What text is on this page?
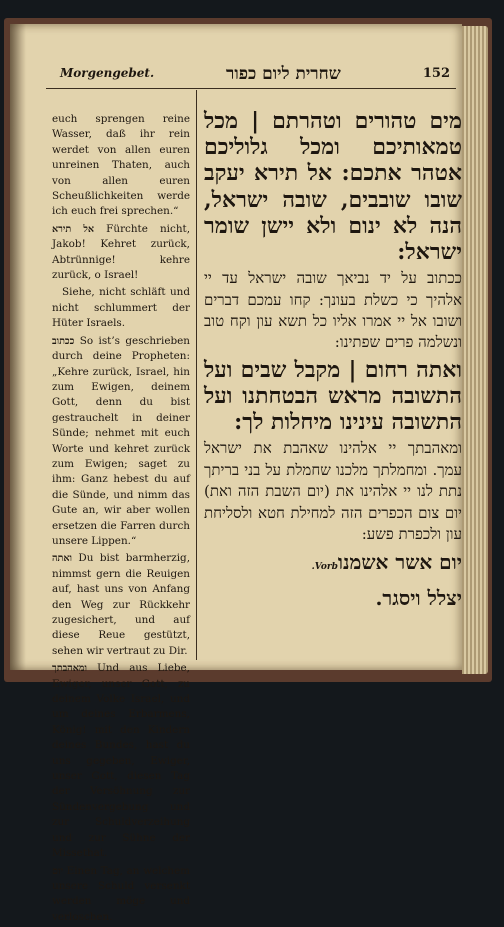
Morgengebet.	שחרית ליום כפור	152

euch sprengen reine Wasser, daß ihr rein werdet von allen euren unreinen Thaten, auch von allen euren Scheußlichkeiten werde ich euch frei sprechen.“

אל תירא Fürchte nicht, Jakob! Kehret zurück, Abtrünnige! kehre zurück, o Israel!

Siehe, nicht schläft und nicht schlummert der Hüter Israels.

ככתוב So ist’s geschrieben durch deine Propheten: „Kehre zurück, Israel, hin zum Ewigen, deinem Gott, denn du bist gestrauchelt in deiner Sünde; nehmet mit euch Worte und kehret zurück zum Ewigen; saget zu ihm: Ganz hebest du auf die Sünde, und nimm das Gute an, wir aber wollen ersetzen die Farren durch unsere Lippen.“

ואתה Du bist barmherzig, nimmst gern die Reuigen auf, hast uns von Anfang den Weg zur Rückkehr zugesichert, und auf diese Reue gestützt, sehen wir vertraut zu Dir.

ומאהבתך Und aus Liebe, Ewiger, unser Gott, zu deinem Volke Israel, und um deines Erbarmens, König! mit den Kindern deines Bundes, hast du uns gegeben, Ewiger, unser Gott, diesen Tag der Versöhnung zur Sündenvergebung und zur Schuldverzeihung und zur Sühne der Missethat.

יום Einen Tag, an welchem unsere Schuld versenkt werden möge und verloschen.

מים טהורים וטהרתם | מכל טמאותיכם ומכל גלוליכם אטהר אתכם: אל תירא יעקב שובו שובבים, שובה ישראל, הנה לא ינום ולא יישן שומר ישראל:

ככתוב על יד נביאך שובה ישראל עד יי אלהיך כי כשלת בעונך: קחו עמכם דברים ושובו אל יי אמרו אליו כל תשא עון וקח טוב ונשלמה פרים שפתינו:

ואתה רחום | מקבל שבים ועל התשובה מראש הבטחתנו ועל התשובה עינינו מיחלות לך:

ומאהבתך יי אלהינו שאהבת את ישראל עמך. ומחמלתך מלכנו שחמלת על בני בריתך נתת לנו יי אלהינו את (יום השבת הזה ואת) יום צום הכפרים הזה למחילת חטא ולסליחת עון ולכפרת פשע:

יום אשר אשמנוVorb.

יצלל ויסגר.
